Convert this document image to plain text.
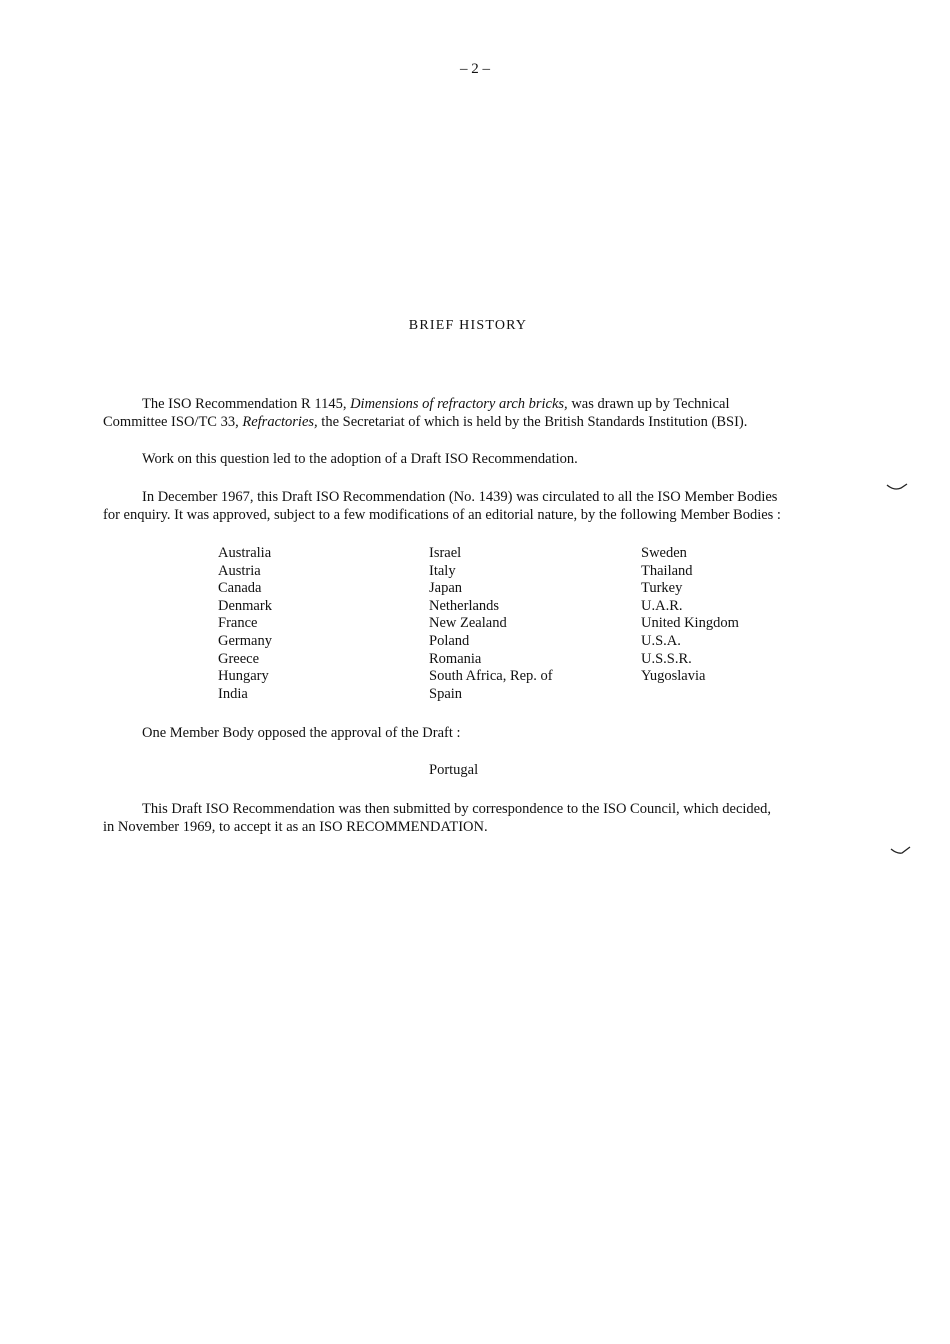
– 2 –
BRIEF HISTORY
The ISO Recommendation R 1145, Dimensions of refractory arch bricks, was drawn up by Technical
Committee ISO/TC 33, Refractories, the Secretariat of which is held by the British Standards Institution (BSI).
Work on this question led to the adoption of a Draft ISO Recommendation.
In December 1967, this Draft ISO Recommendation (No. 1439) was circulated to all the ISO Member Bodies
for enquiry. It was approved, subject to a few modifications of an editorial nature, by the following Member Bodies :
Australia
Austria
Canada
Denmark
France
Germany
Greece
Hungary
India
Israel
Italy
Japan
Netherlands
New Zealand
Poland
Romania
South Africa, Rep. of
Spain
Sweden
Thailand
Turkey
U.A.R.
United Kingdom
U.S.A.
U.S.S.R.
Yugoslavia
One Member Body opposed the approval of the Draft :
Portugal
This Draft ISO Recommendation was then submitted by correspondence to the ISO Council, which decided,
in November 1969, to accept it as an ISO RECOMMENDATION.
